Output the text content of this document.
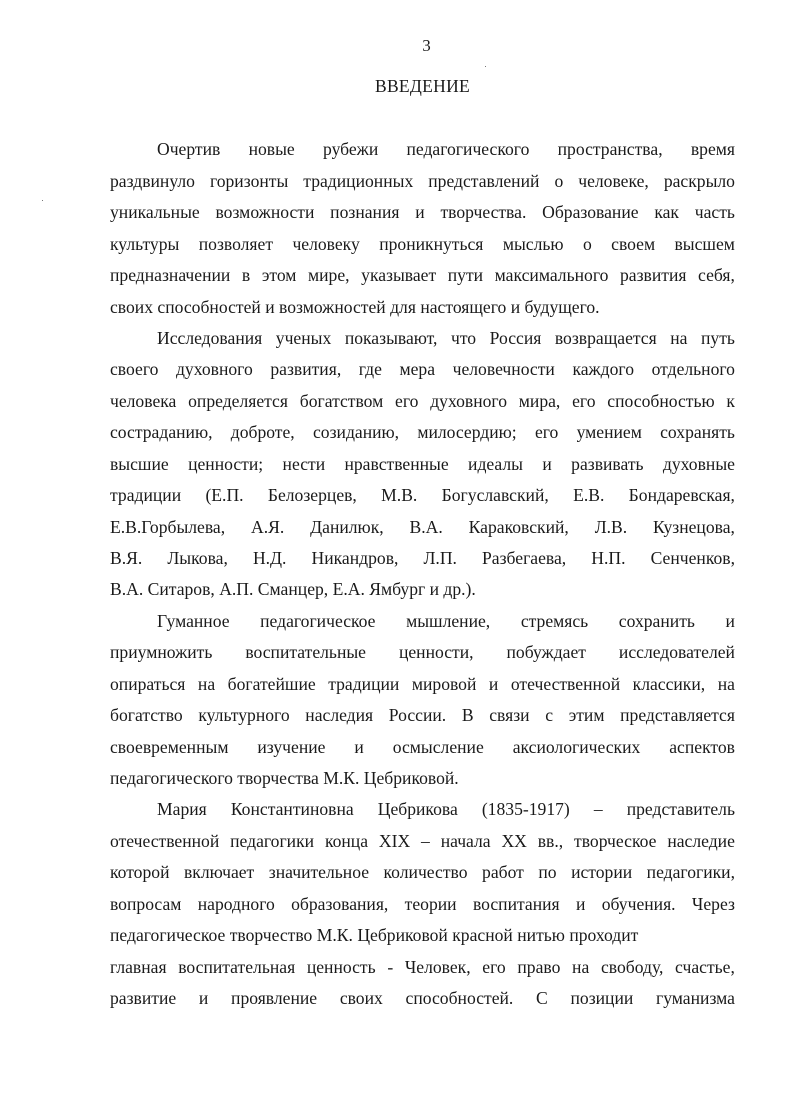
3
ВВЕДЕНИЕ
Очертив новые рубежи педагогического пространства, время
раздвинуло горизонты традиционных представлений о человеке, раскрыло
уникальные возможности познания и творчества. Образование как часть
культуры позволяет человеку проникнуться мыслью о своем высшем
предназначении в этом мире, указывает пути максимального развития себя,
своих способностей и возможностей для настоящего и будущего.
Исследования ученых показывают, что Россия возвращается на путь
своего духовного развития, где мера человечности каждого отдельного
человека определяется богатством его духовного мира, его способностью к
состраданию, доброте, созиданию, милосердию; его умением сохранять
высшие ценности; нести нравственные идеалы и развивать духовные
традиции (Е.П. Белозерцев, М.В. Богуславский, Е.В. Бондаревская,
Е.В.Горбылева, А.Я. Данилюк, В.А. Караковский, Л.В. Кузнецова,
В.Я. Лыкова, Н.Д. Никандров, Л.П. Разбегаева, Н.П. Сенченков,
В.А. Ситаров, А.П. Сманцер, Е.А. Ямбург и др.).
Гуманное педагогическое мышление, стремясь сохранить и
приумножить воспитательные ценности, побуждает исследователей
опираться на богатейшие традиции мировой и отечественной классики, на
богатство культурного наследия России. В связи с этим представляется
своевременным изучение и осмысление аксиологических аспектов
педагогического творчества М.К. Цебриковой.
Мария Константиновна Цебрикова (1835-1917) – представитель
отечественной педагогики конца XIX – начала XX вв., творческое наследие
которой включает значительное количество работ по истории педагогики,
вопросам народного образования, теории воспитания и обучения. Через
педагогическое творчество М.К. Цебриковой красной нитью проходит
главная воспитательная ценность - Человек, его право на свободу, счастье,
развитие и проявление своих способностей. С позиции гуманизма
